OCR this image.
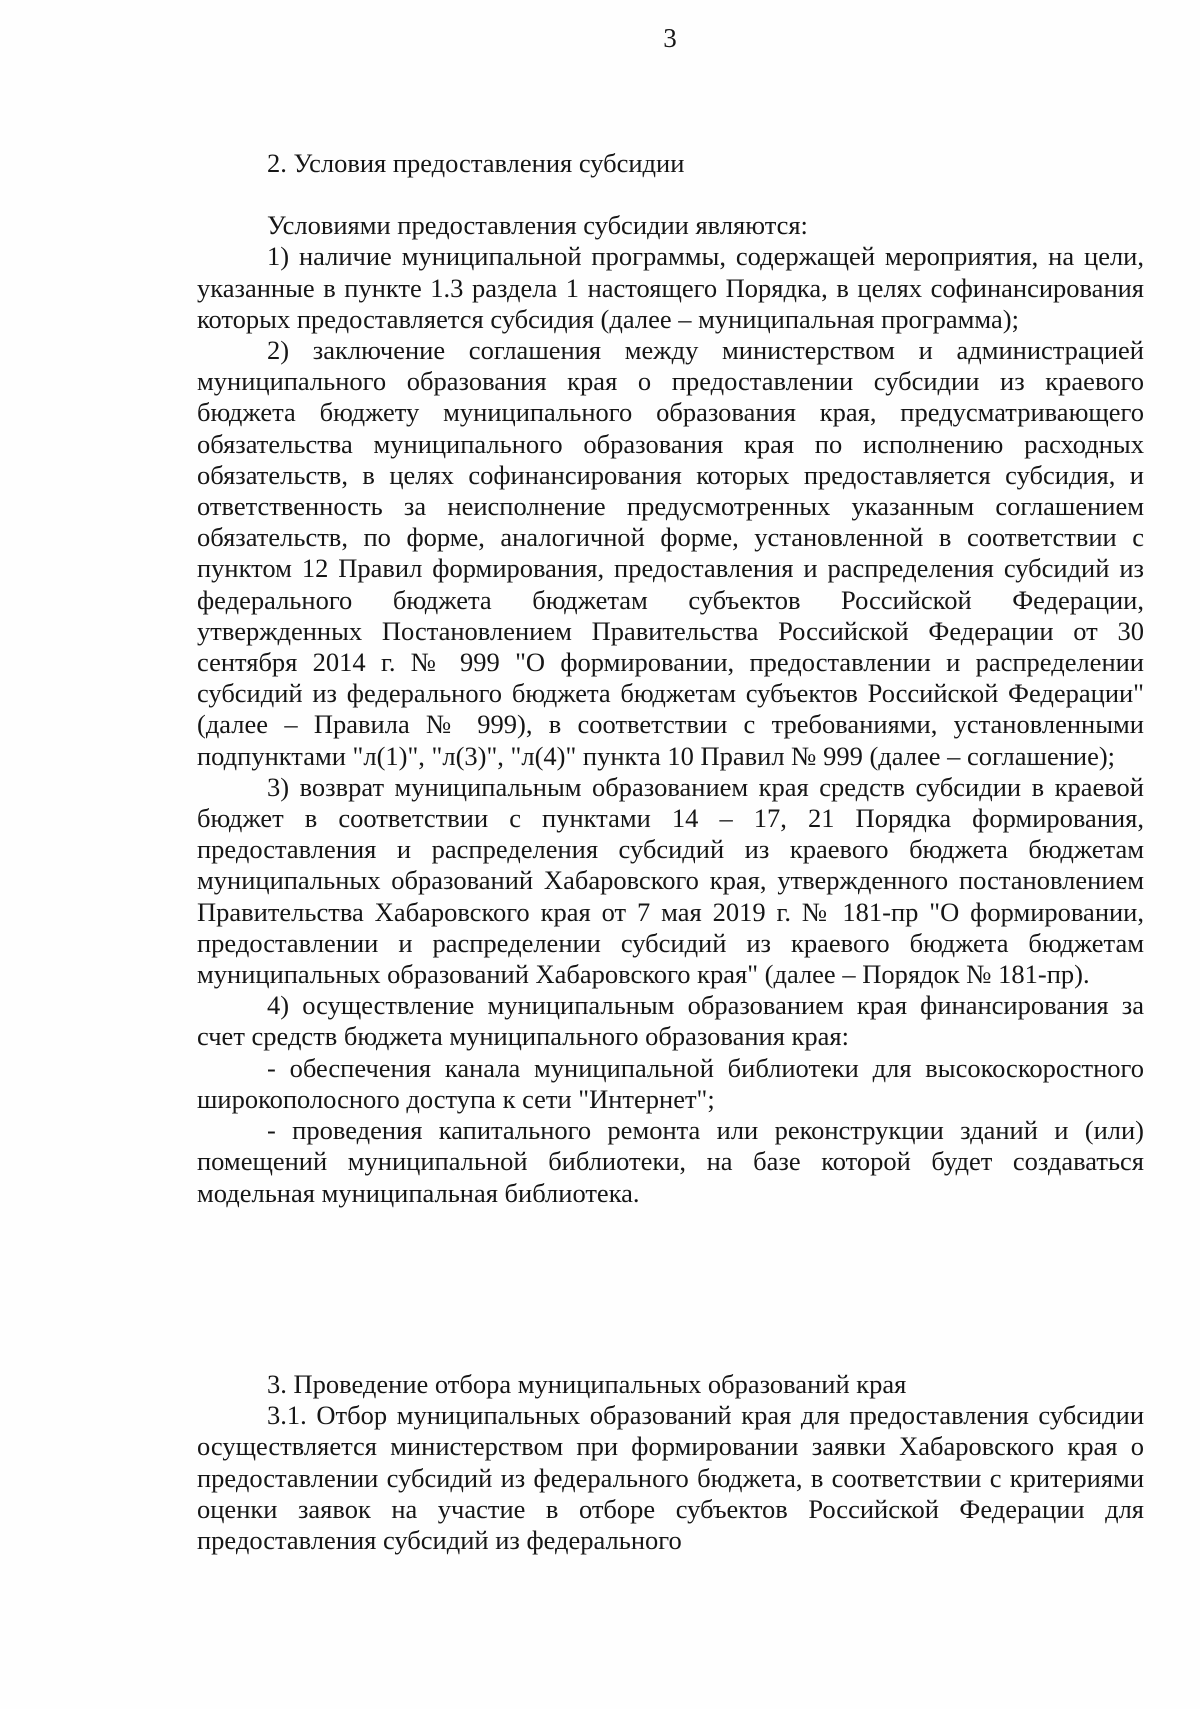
3

2. Условия предоставления субсидии

Условиями предоставления субсидии являются:

1) наличие муниципальной программы, содержащей мероприятия, на цели, указанные в пункте 1.3 раздела 1 настоящего Порядка, в целях софинансирования которых предоставляется субсидия (далее – муниципальная программа);

2) заключение соглашения между министерством и администрацией муниципального образования края о предоставлении субсидии из краевого бюджета бюджету муниципального образования края, предусматривающего обязательства муниципального образования края по исполнению расходных обязательств, в целях софинансирования которых предоставляется субсидия, и ответственность за неисполнение предусмотренных указанным соглашением обязательств, по форме, аналогичной форме, установленной в соответствии с пунктом 12 Правил формирования, предоставления и распределения субсидий из федерального бюджета бюджетам субъектов Российской Федерации, утвержденных Постановлением Правительства Российской Федерации от 30 сентября 2014 г. № 999 "О формировании, предоставлении и распределении субсидий из федерального бюджета бюджетам субъектов Российской Федерации" (далее – Правила № 999), в соответствии с требованиями, установленными подпунктами "л(1)", "л(3)", "л(4)" пункта 10 Правил № 999 (далее – соглашение);

3) возврат муниципальным образованием края средств субсидии в краевой бюджет в соответствии с пунктами 14 – 17, 21 Порядка формирования, предоставления и распределения субсидий из краевого бюджета бюджетам муниципальных образований Хабаровского края, утвержденного постановлением Правительства Хабаровского края от 7 мая 2019 г. № 181-пр "О формировании, предоставлении и распределении субсидий из краевого бюджета бюджетам муниципальных образований Хабаровского края" (далее – Порядок № 181-пр).

4) осуществление муниципальным образованием края финансирования за счет средств бюджета муниципального образования края:

- обеспечения канала муниципальной библиотеки для высокоскоростного широкополосного доступа к сети "Интернет";

- проведения капитального ремонта или реконструкции зданий и (или) помещений муниципальной библиотеки, на базе которой будет создаваться модельная муниципальная библиотека.

3. Проведение отбора муниципальных образований края

3.1. Отбор муниципальных образований края для предоставления субсидии осуществляется министерством при формировании заявки Хабаровского края о предоставлении субсидий из федерального бюджета, в соответствии с критериями оценки заявок на участие в отборе субъектов Российской Федерации для предоставления субсидий из федерального
